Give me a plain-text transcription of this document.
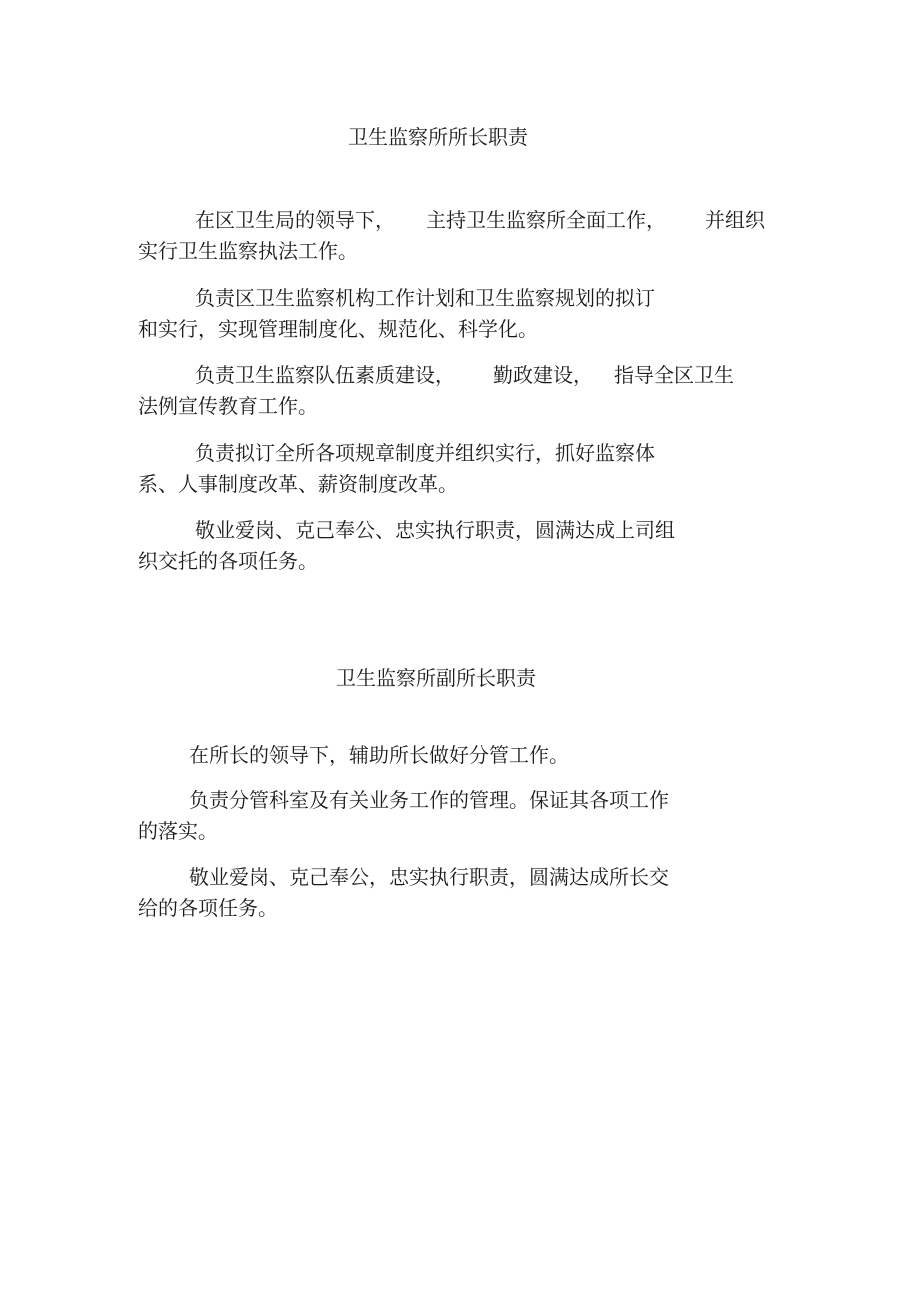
卫生监察所所长职责
在区卫生局的领导下， 主持卫生监察所全面工作， 并组织
实行卫生监察执法工作。
负责区卫生监察机构工作计划和卫生监察规划的拟订
和实行，实现管理制度化、规范化、科学化。
负责卫生监察队伍素质建设， 勤政建设， 指导全区卫生
法例宣传教育工作。
负责拟订全所各项规章制度并组织实行，抓好监察体
系、人事制度改革、薪资制度改革。
敬业爱岗、克己奉公、忠实执行职责，圆满达成上司组
织交托的各项任务。
卫生监察所副所长职责
在所长的领导下，辅助所长做好分管工作。
负责分管科室及有关业务工作的管理。保证其各项工作
的落实。
敬业爱岗、克己奉公，忠实执行职责，圆满达成所长交
给的各项任务。
